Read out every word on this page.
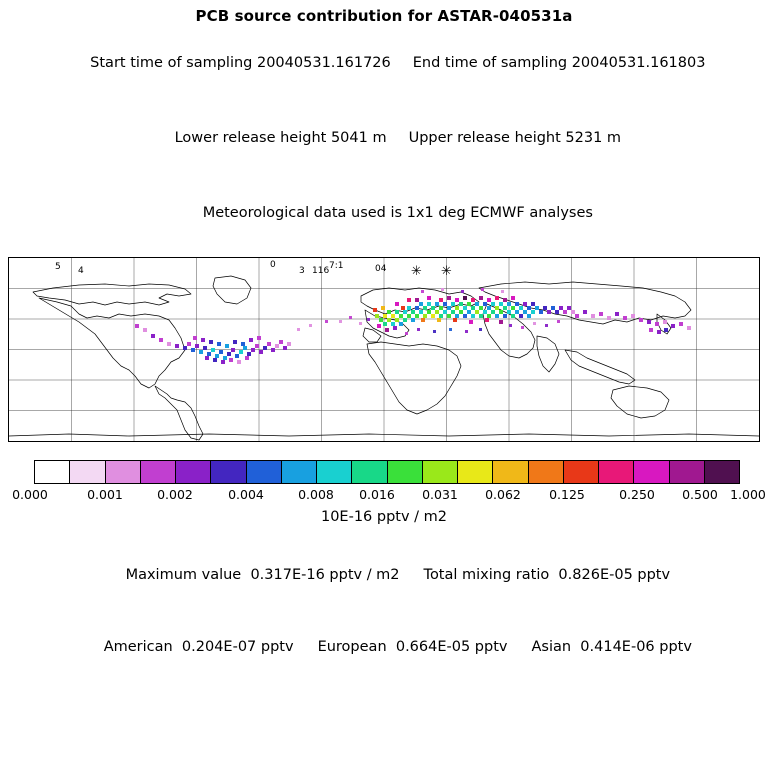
PCB source contribution for ASTAR-040531a

Start time of sampling 20040531.161726 End time of sampling 20040531.161803

Lower release height 5041 m Upper release height 5231 m

Meteorological data used is 1x1 deg ECMWF analyses

5 4
0
3 116 7:1	04 ✳ ✳
0.000	0.001	0.002	0.004	0.008 0.016 0.031 0.062 0.125	0.250 0.500 1.000
10E-16 pptv / m2

Maximum value  0.317E-16 pptv / m2 Total mixing ratio  0.826E-05 pptv

American  0.204E-07 pptv European  0.664E-05 pptv Asian  0.414E-06 pptv
